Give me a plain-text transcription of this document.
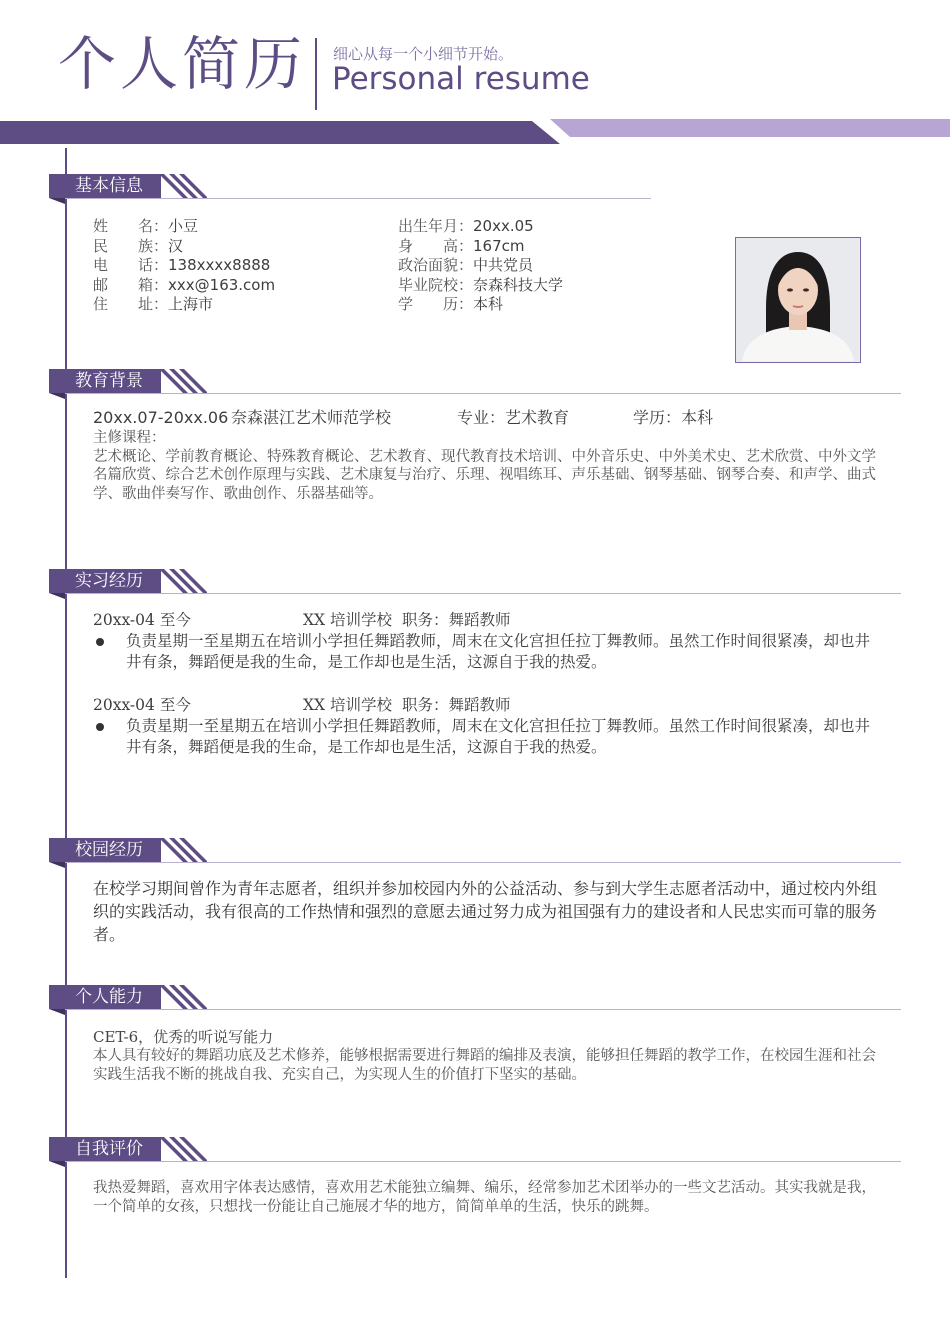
个人简历 细心从每一个小细节开始。
Personal resume
基本信息
姓　　名：小豆
民　　族：汉
电　　话：138xxxx8888
邮　　箱：xxx@163.com
住　　址：上海市
出生年月：20xx.05
身　　高：167cm
政治面貌：中共党员
毕业院校：奈森科技大学
学　　历：本科
教育背景
20xx.07-20xx.06 奈森湛江艺术师范学校	专业：艺术教育	学历：本科
主修课程：
艺术概论、学前教育概论、特殊教育概论、艺术教育、现代教育技术培训、中外音乐史、中外美术史、艺术欣赏、中外文学名篇欣赏、综合艺术创作原理与实践、艺术康复与治疗、乐理、视唱练耳、声乐基础、钢琴基础、钢琴合奏、和声学、曲式学、歌曲伴奏写作、歌曲创作、乐器基础等。
实习经历
20xx-04 至今	XX 培训学校 职务：舞蹈教师
负责星期一至星期五在培训小学担任舞蹈教师，周末在文化宫担任拉丁舞教师。虽然工作时间很紧凑，却也井井有条，舞蹈便是我的生命，是工作却也是生活，这源自于我的热爱。
20xx-04 至今	XX 培训学校 职务：舞蹈教师
负责星期一至星期五在培训小学担任舞蹈教师，周末在文化宫担任拉丁舞教师。虽然工作时间很紧凑，却也井井有条，舞蹈便是我的生命，是工作却也是生活，这源自于我的热爱。
校园经历
在校学习期间曾作为青年志愿者，组织并参加校园内外的公益活动、参与到大学生志愿者活动中，通过校内外组织的实践活动，我有很高的工作热情和强烈的意愿去通过努力成为祖国强有力的建设者和人民忠实而可靠的服务者。
个人能力
CET-6，优秀的听说写能力
本人具有较好的舞蹈功底及艺术修养，能够根据需要进行舞蹈的编排及表演，能够担任舞蹈的教学工作，在校园生涯和社会实践生活我不断的挑战自我、充实自己，为实现人生的价值打下坚实的基础。
自我评价
我热爱舞蹈，喜欢用字体表达感情，喜欢用艺术能独立编舞、编乐，经常参加艺术团举办的一些文艺活动。其实我就是我，一个简单的女孩，只想找一份能让自己施展才华的地方，简简单单的生活，快乐的跳舞。
